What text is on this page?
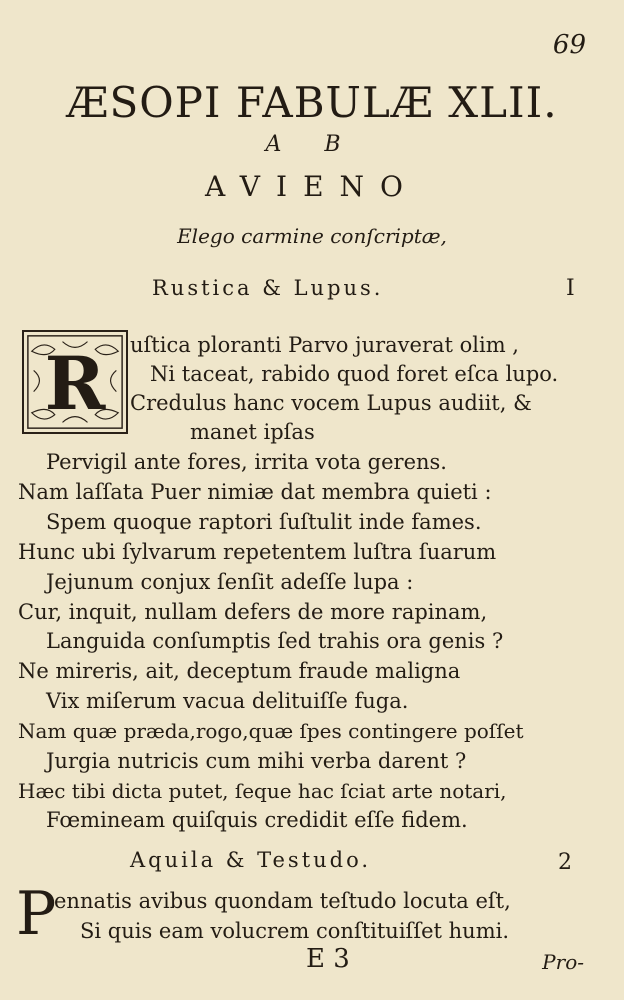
69
ÆSOPI FABULÆ XLII.
A B
AVIENO
Elego carmine conſcriptæ,
Rustica & Lupus.	I
R uſtica ploranti Parvo juraverat olim ,
Ni taceat, rabido quod foret eſca lupo.
Credulus hanc vocem Lupus audiit, &
manet ipſas
Pervigil ante fores, irrita vota gerens.
Nam laſſata Puer nimiæ dat membra quieti :
Spem quoque raptori ſuſtulit inde fames.
Hunc ubi ſylvarum repetentem luſtra ſuarum
Jejunum conjux ſenſit adeſſe lupa :
Cur, inquit, nullam defers de more rapinam,
Languida conſumptis ſed trahis ora genis ?
Ne mireris, ait, deceptum fraude maligna
Vix miſerum vacua delituiſſe fuga.
Nam quæ præda,rogo,quæ ſpes contingere poſſet
Jurgia nutricis cum mihi verba darent ?
Hæc tibi dicta putet, ſeque hac ſciat arte notari,
Fœmineam quiſquis credidit eſſe fidem.
Aquila & Testudo.	2
P
ennatis avibus quondam teſtudo locuta eſt,
Si quis eam volucrem conſtituiſſet humi.
E 3	Pro-
